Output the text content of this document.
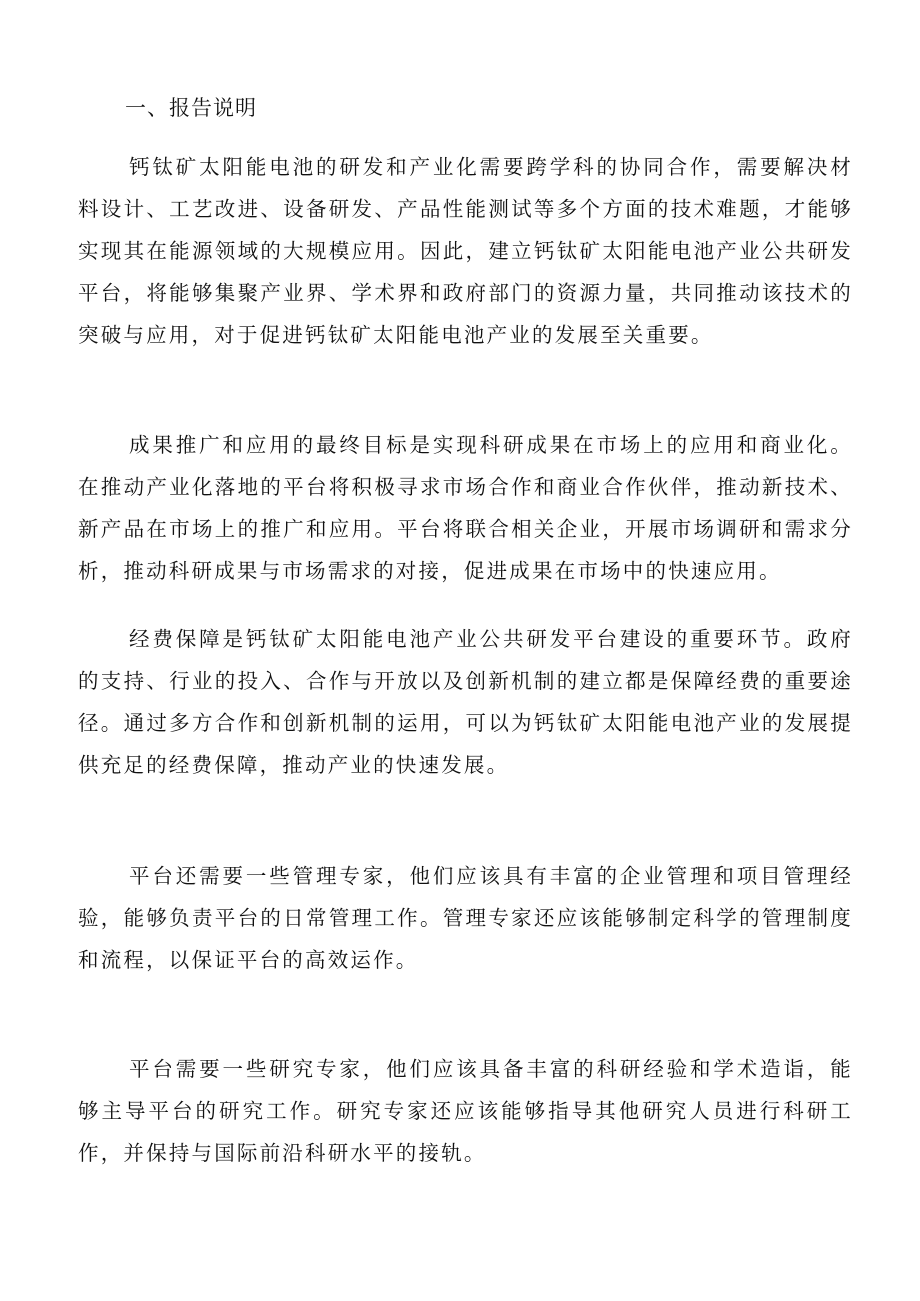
一、报告说明

钙钛矿太阳能电池的研发和产业化需要跨学科的协同合作，需要解决材料设计、工艺改进、设备研发、产品性能测试等多个方面的技术难题，才能够实现其在能源领域的大规模应用。因此，建立钙钛矿太阳能电池产业公共研发平台，将能够集聚产业界、学术界和政府部门的资源力量，共同推动该技术的突破与应用，对于促进钙钛矿太阳能电池产业的发展至关重要。

成果推广和应用的最终目标是实现科研成果在市场上的应用和商业化。在推动产业化落地的平台将积极寻求市场合作和商业合作伙伴，推动新技术、新产品在市场上的推广和应用。平台将联合相关企业，开展市场调研和需求分析，推动科研成果与市场需求的对接，促进成果在市场中的快速应用。

经费保障是钙钛矿太阳能电池产业公共研发平台建设的重要环节。政府的支持、行业的投入、合作与开放以及创新机制的建立都是保障经费的重要途径。通过多方合作和创新机制的运用，可以为钙钛矿太阳能电池产业的发展提供充足的经费保障，推动产业的快速发展。

平台还需要一些管理专家，他们应该具有丰富的企业管理和项目管理经验，能够负责平台的日常管理工作。管理专家还应该能够制定科学的管理制度和流程，以保证平台的高效运作。

平台需要一些研究专家，他们应该具备丰富的科研经验和学术造诣，能够主导平台的研究工作。研究专家还应该能够指导其他研究人员进行科研工作，并保持与国际前沿科研水平的接轨。
